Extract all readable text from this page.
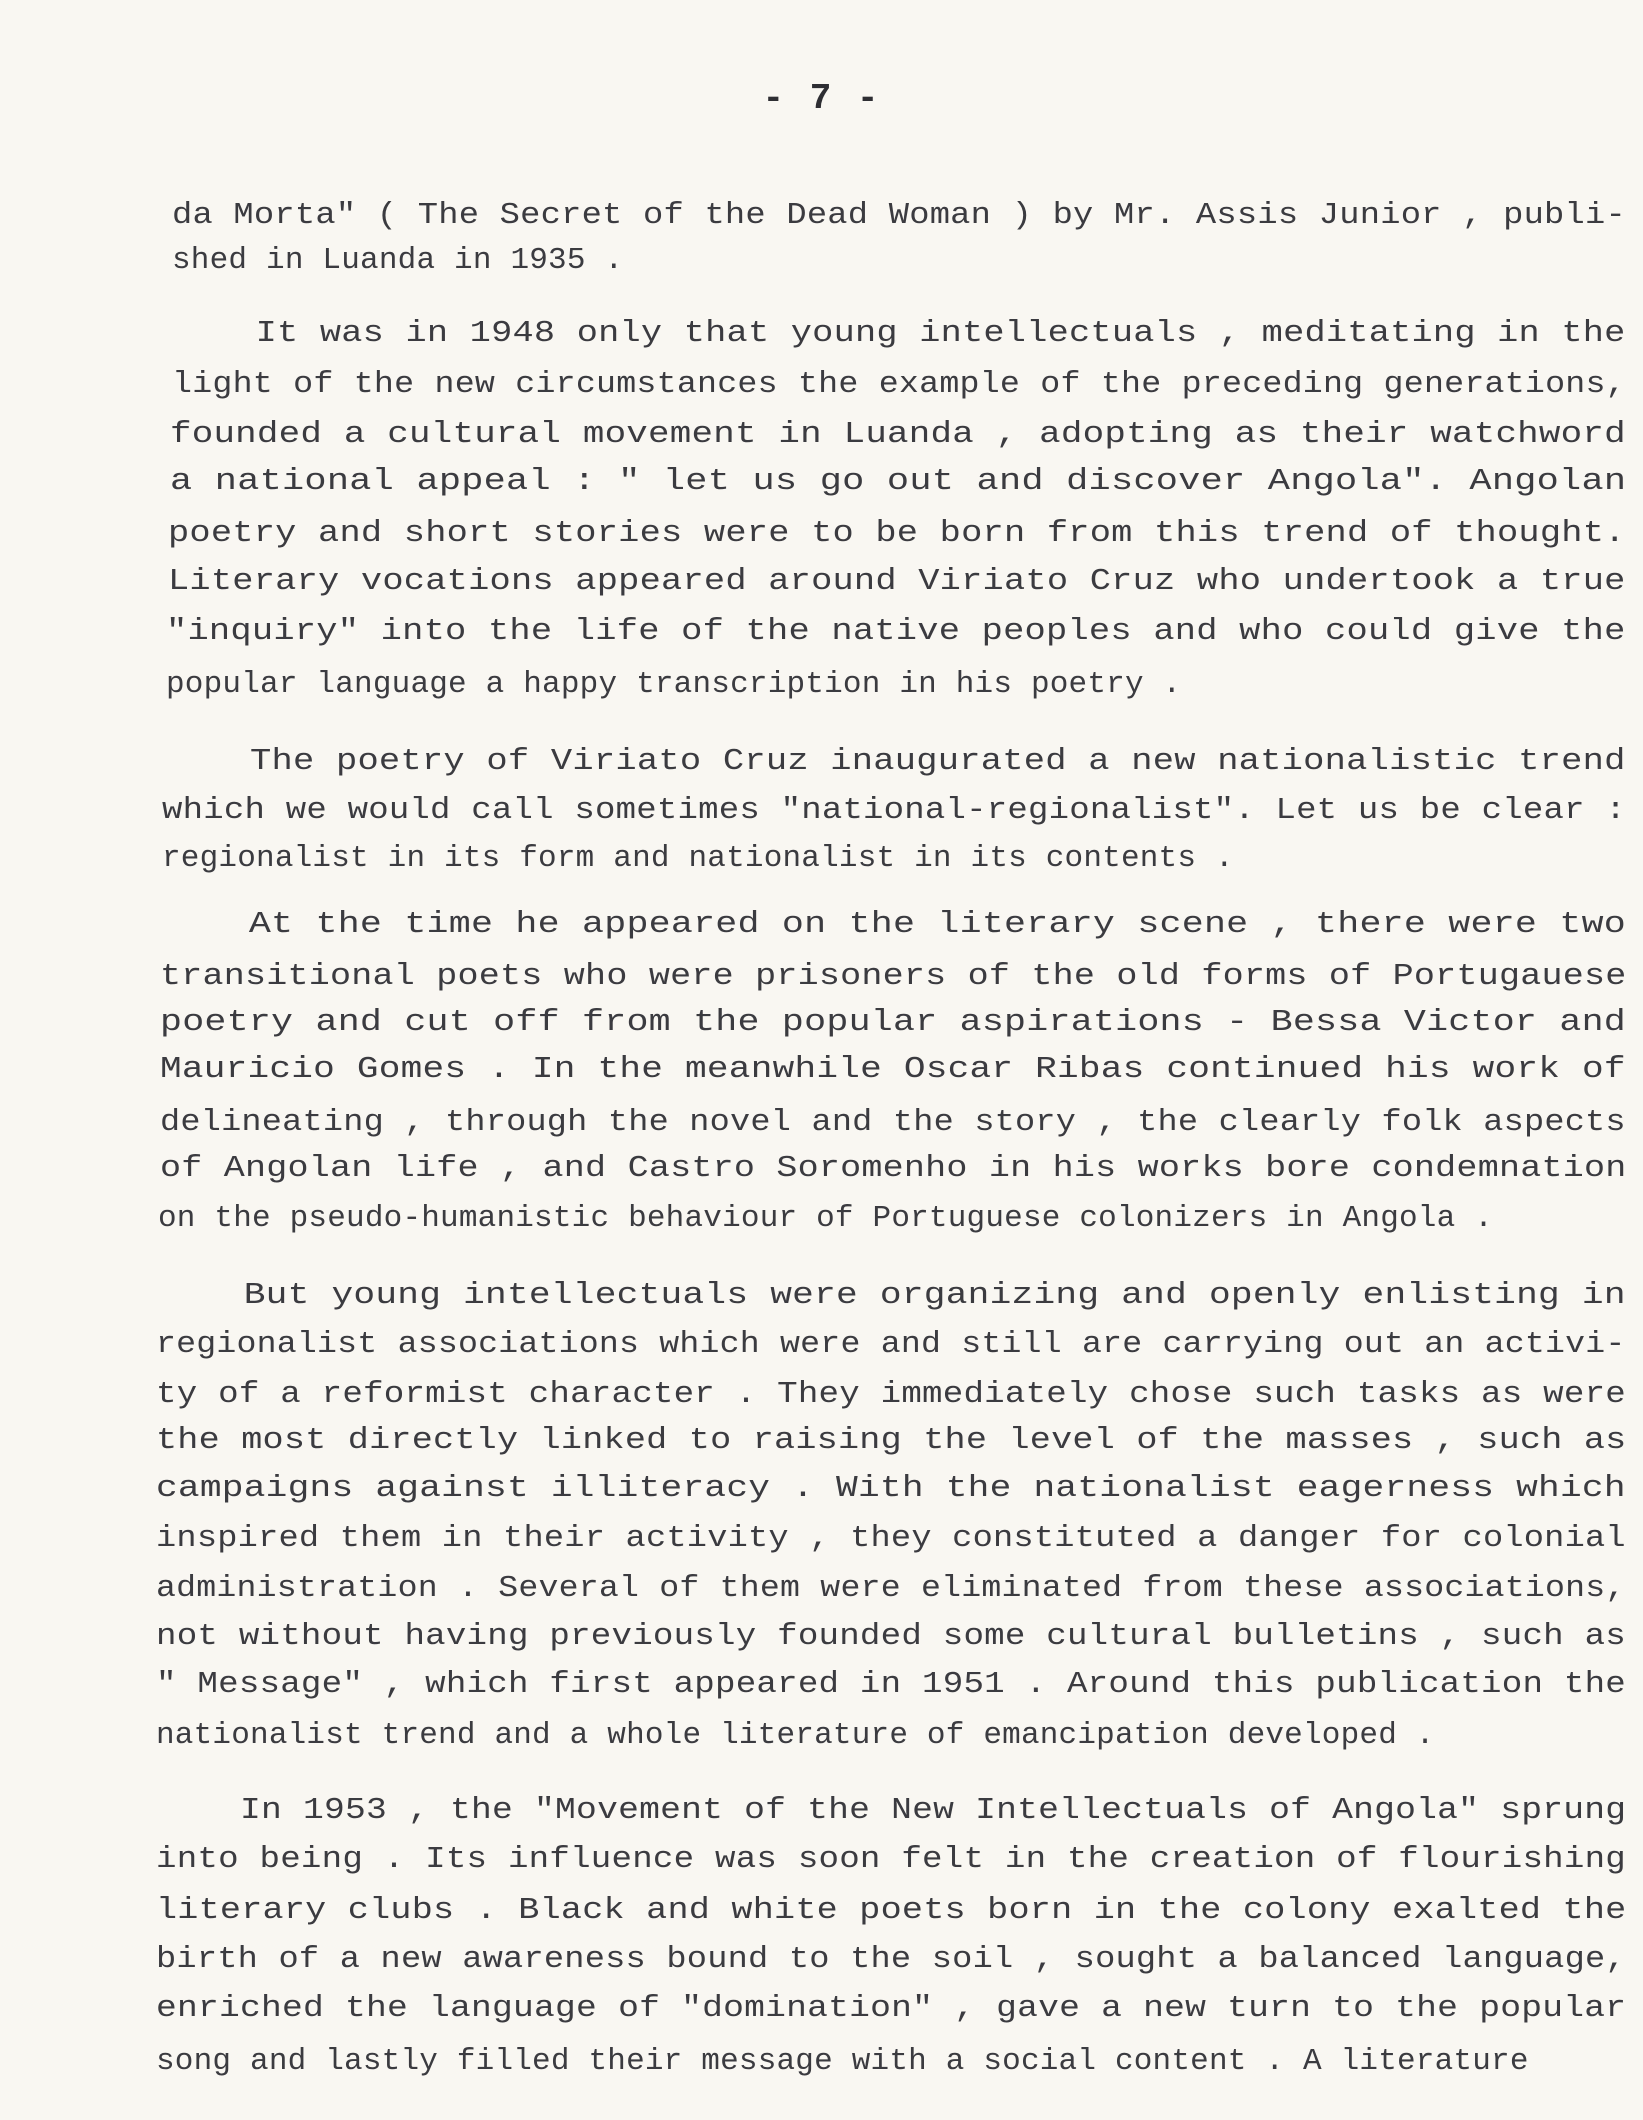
- 7 -
da Morta" ( The Secret of the Dead Woman ) by Mr. Assis Junior , publi-
shed in Luanda in 1935 .
It was in 1948 only that young intellectuals , meditating in the
light of the new circumstances the example of the preceding generations,
founded a cultural movement in Luanda , adopting as their watchword
a national appeal : " let us go out and discover Angola". Angolan
poetry and short stories were to be born from this trend of thought.
Literary vocations appeared around Viriato Cruz who undertook a true
"inquiry" into the life of the native peoples and who could give the
popular language a happy transcription in his poetry .
The poetry of Viriato Cruz inaugurated a new nationalistic trend
which we would call sometimes "national-regionalist". Let us be clear :
regionalist in its form and nationalist in its contents .
At the time he appeared on the literary scene , there were two
transitional poets who were prisoners of the old forms of Portugauese
poetry and cut off from the popular aspirations - Bessa Victor and
Mauricio Gomes . In the meanwhile Oscar Ribas continued his work of
delineating , through the novel and the story , the clearly folk aspects
of Angolan life , and Castro Soromenho in his works bore condemnation
on the pseudo-humanistic behaviour of Portuguese colonizers in Angola .
But young intellectuals were organizing and openly enlisting in
regionalist associations which were and still are carrying out an activi-
ty of a reformist character . They immediately chose such tasks as were
the most directly linked to raising the level of the masses , such as
campaigns against illiteracy . With the nationalist eagerness which
inspired them in their activity , they constituted a danger for colonial
administration . Several of them were eliminated from these associations,
not without having previously founded some cultural bulletins , such as
" Message" , which first appeared in 1951 . Around this publication the
nationalist trend and a whole literature of emancipation developed .
In 1953 , the "Movement of the New Intellectuals of Angola" sprung
into being . Its influence was soon felt in the creation of flourishing
literary clubs . Black and white poets born in the colony exalted the
birth of a new awareness bound to the soil , sought a balanced language,
enriched the language of "domination" , gave a new turn to the popular
song and lastly filled their message with a social content . A literature
